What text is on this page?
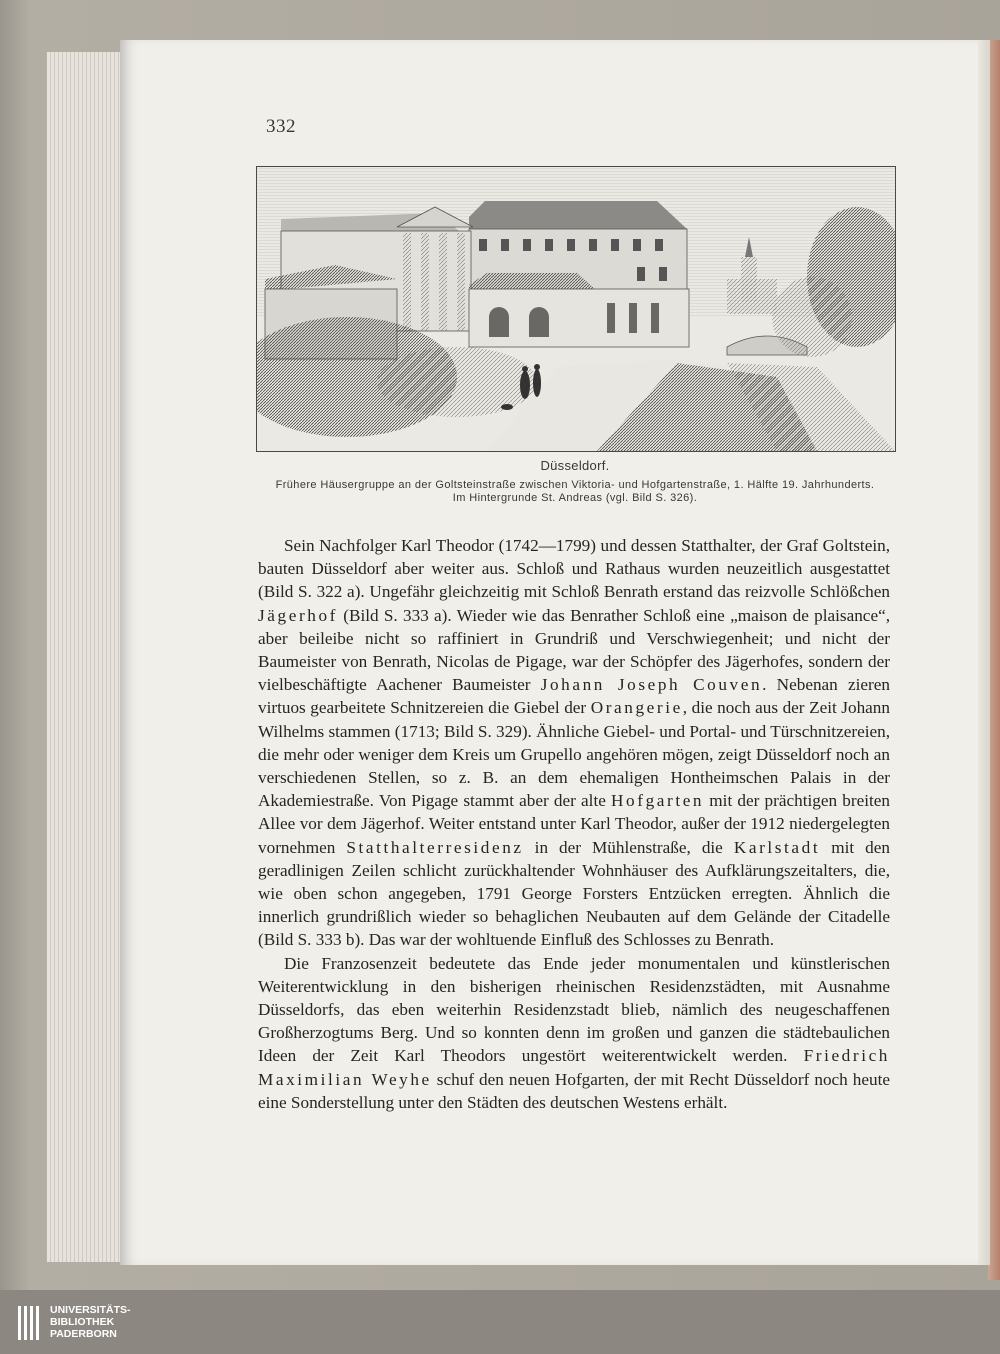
332
Düsseldorf.
Frühere Häusergruppe an der Goltsteinstraße zwischen Viktoria- und Hofgartenstraße, 1. Hälfte 19. Jahrhunderts.
Im Hintergrunde St. Andreas (vgl. Bild S. 326).

Sein Nachfolger Karl Theodor (1742—1799) und dessen Statthalter, der Graf Goltstein, bauten Düsseldorf aber weiter aus. Schloß und Rathaus wurden neuzeitlich ausgestattet (Bild S. 322 a). Ungefähr gleichzeitig mit Schloß Benrath erstand das reizvolle Schlößchen Jägerhof (Bild S. 333 a). Wieder wie das Benrather Schloß eine „maison de plaisance“, aber beileibe nicht so raffiniert in Grundriß und Verschwiegenheit; und nicht der Baumeister von Benrath, Nicolas de Pigage, war der Schöpfer des Jägerhofes, sondern der vielbeschäftigte Aachener Baumeister Johann Joseph Couven. Nebenan zieren virtuos gearbeitete Schnitzereien die Giebel der Orangerie, die noch aus der Zeit Johann Wilhelms stammen (1713; Bild S. 329). Ähnliche Giebel- und Portal- und Türschnitzereien, die mehr oder weniger dem Kreis um Grupello angehören mögen, zeigt Düsseldorf noch an verschiedenen Stellen, so z. B. an dem ehemaligen Hontheimschen Palais in der Akademiestraße. Von Pigage stammt aber der alte Hofgarten mit der prächtigen breiten Allee vor dem Jägerhof. Weiter entstand unter Karl Theodor, außer der 1912 niedergelegten vornehmen Statthalterresidenz in der Mühlenstraße, die Karlstadt mit den geradlinigen Zeilen schlicht zurückhaltender Wohnhäuser des Aufklärungszeitalters, die, wie oben schon angegeben, 1791 George Forsters Entzücken erregten. Ähnlich die innerlich grundrißlich wieder so behaglichen Neubauten auf dem Gelände der Citadelle (Bild S. 333 b). Das war der wohltuende Einfluß des Schlosses zu Benrath.

Die Franzosenzeit bedeutete das Ende jeder monumentalen und künstlerischen Weiterentwicklung in den bisherigen rheinischen Residenzstädten, mit Ausnahme Düsseldorfs, das eben weiterhin Residenzstadt blieb, nämlich des neugeschaffenen Großherzogtums Berg. Und so konnten denn im großen und ganzen die städtebaulichen Ideen der Zeit Karl Theodors ungestört weiterentwickelt werden. Friedrich Maximilian Weyhe schuf den neuen Hofgarten, der mit Recht Düsseldorf noch heute eine Sonderstellung unter den Städten des deutschen Westens erhält.

UNIVERSITÄTS-
BIBLIOTHEK
PADERBORN
